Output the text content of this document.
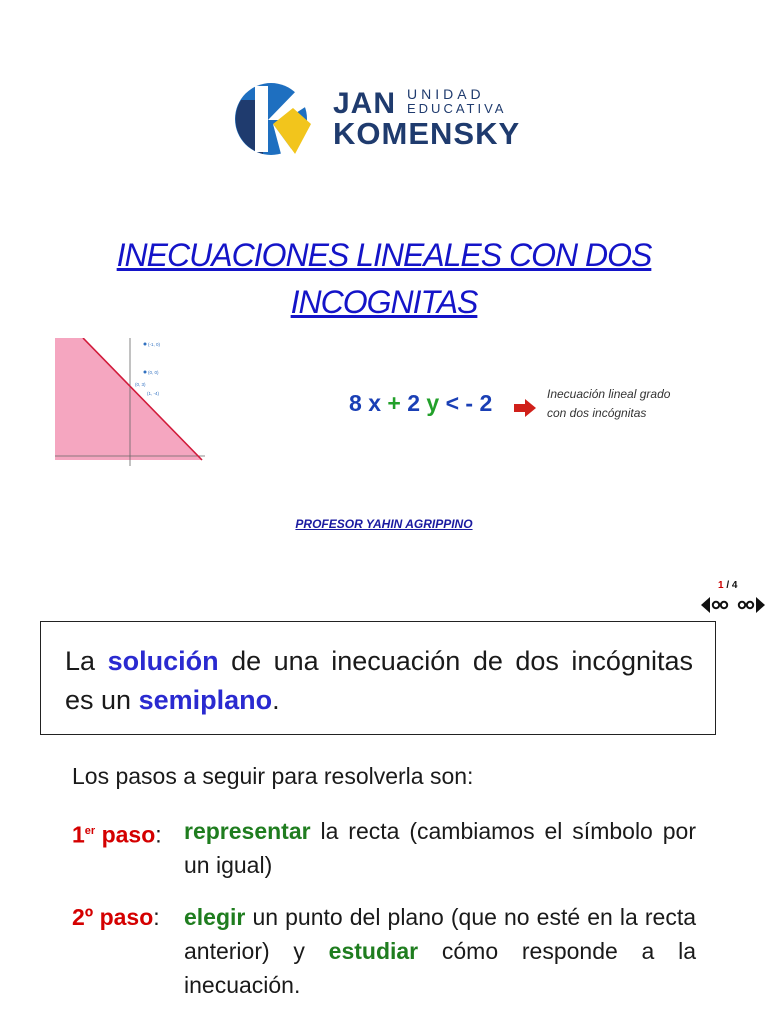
JAN UNIDAD
EDUCATIVA
KOMENSKY
INECUACIONES LINEALES CON DOS
INCOGNITAS
(-1, 0)
(0, 0)
(0, 3)
(1, -4)	8 x + 2 y < - 2	Inecuación lineal grado
con dos incógnitas
PROFESOR YAHIN AGRIPPINO
1 / 4
La solución de una inecuación de dos incógnitas es un semiplano.
Los pasos a seguir para resolverla son:
1er paso: representar la recta (cambiamos el símbolo por un igual)
2º paso: elegir un punto del plano (que no esté en la recta anterior) y estudiar cómo responde a la inecuación.
